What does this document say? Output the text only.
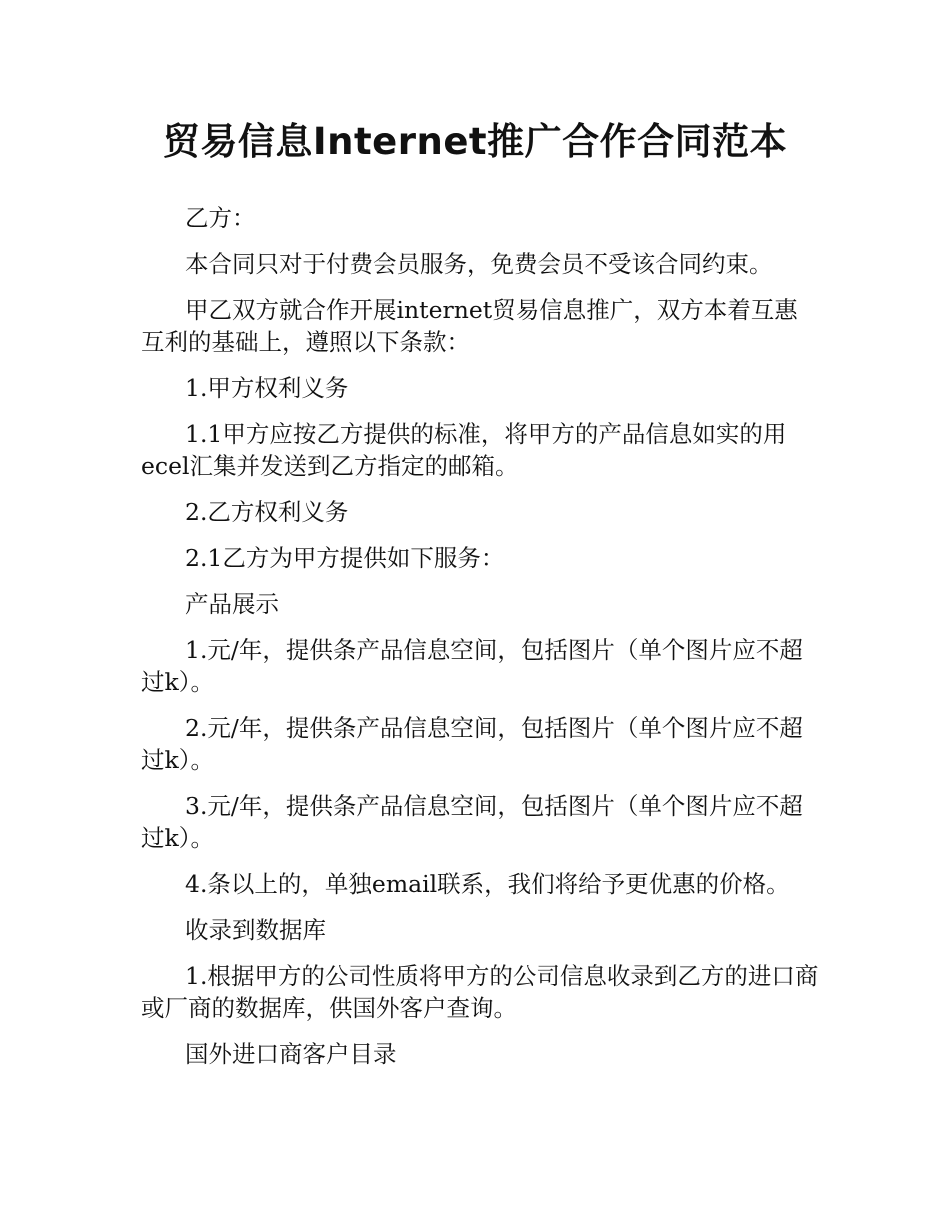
贸易信息Internet推广合作合同范本

乙方：

本合同只对于付费会员服务，免费会员不受该合同约束。

甲乙双方就合作开展internet贸易信息推广，双方本着互惠互利的基础上，遵照以下条款：

1.甲方权利义务

1.1甲方应按乙方提供的标准，将甲方的产品信息如实的用ecel汇集并发送到乙方指定的邮箱。

2.乙方权利义务

2.1乙方为甲方提供如下服务：

产品展示

1.元/年，提供条产品信息空间，包括图片（单个图片应不超过k）。

2.元/年，提供条产品信息空间，包括图片（单个图片应不超过k）。

3.元/年，提供条产品信息空间，包括图片（单个图片应不超过k）。

4.条以上的，单独email联系，我们将给予更优惠的价格。

收录到数据库

1.根据甲方的公司性质将甲方的公司信息收录到乙方的进口商或厂商的数据库，供国外客户查询。

国外进口商客户目录
